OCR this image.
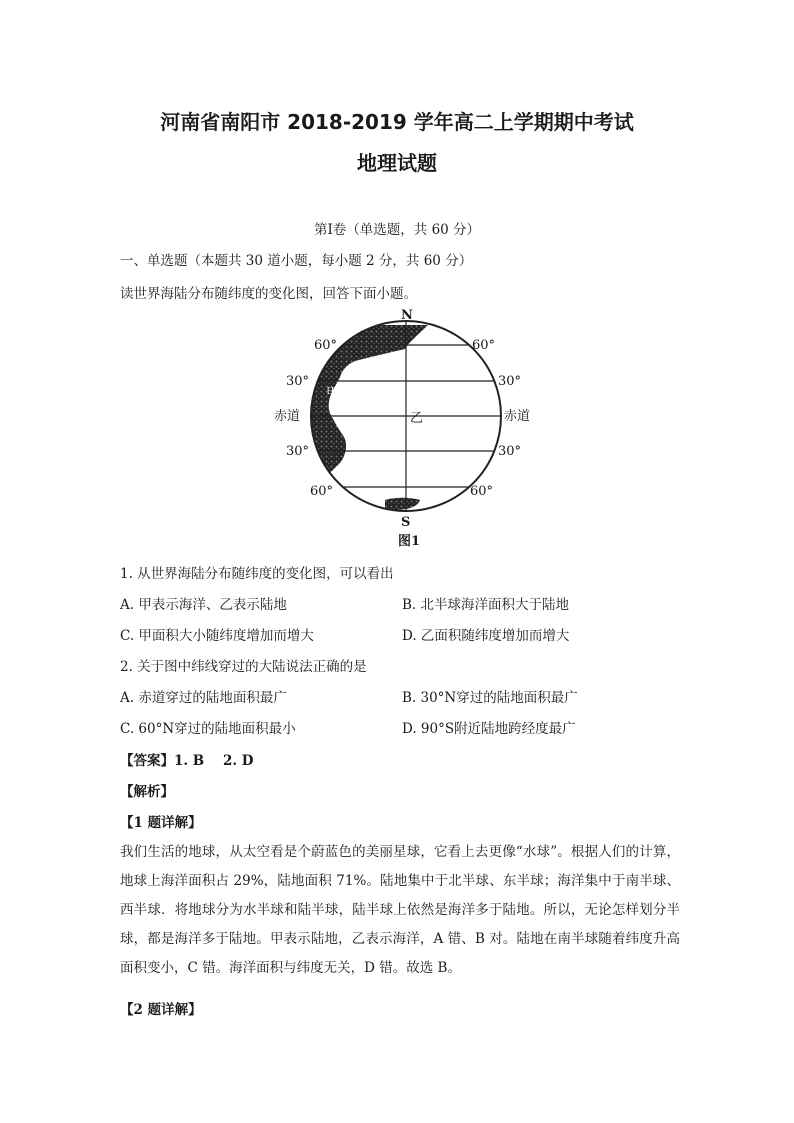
河南省南阳市 2018-2019 学年高二上学期期中考试
地理试题
第Ⅰ卷（单选题，共 60 分）
一、单选题（本题共 30 道小题，每小题 2 分，共 60 分）
读世界海陆分布随纬度的变化图，回答下面小题。
N
S
图1
60°	60°
30°	30°
赤道	赤道
30°	30°
60°	60°
甲
乙
1. 从世界海陆分布随纬度的变化图，可以看出
A. 甲表示海洋、乙表示陆地	B. 北半球海洋面积大于陆地
C. 甲面积大小随纬度增加而增大	D. 乙面积随纬度增加而增大
2. 关于图中纬线穿过的大陆说法正确的是
A. 赤道穿过的陆地面积最广	B. 30°N穿过的陆地面积最广
C. 60°N穿过的陆地面积最小	D. 90°S附近陆地跨经度最广
【答案】1. B    2. D
【解析】
【1 题详解】
我们生活的地球，从太空看是个蔚蓝色的美丽星球，它看上去更像“水球”。根据人们的计算，地球上海洋面积占 29%，陆地面积 71%。陆地集中于北半球、东半球；海洋集中于南半球、西半球．将地球分为水半球和陆半球，陆半球上依然是海洋多于陆地。所以，无论怎样划分半球，都是海洋多于陆地。甲表示陆地，乙表示海洋，A 错、B 对。陆地在南半球随着纬度升高面积变小，C 错。海洋面积与纬度无关，D 错。故选 B。
【2 题详解】
